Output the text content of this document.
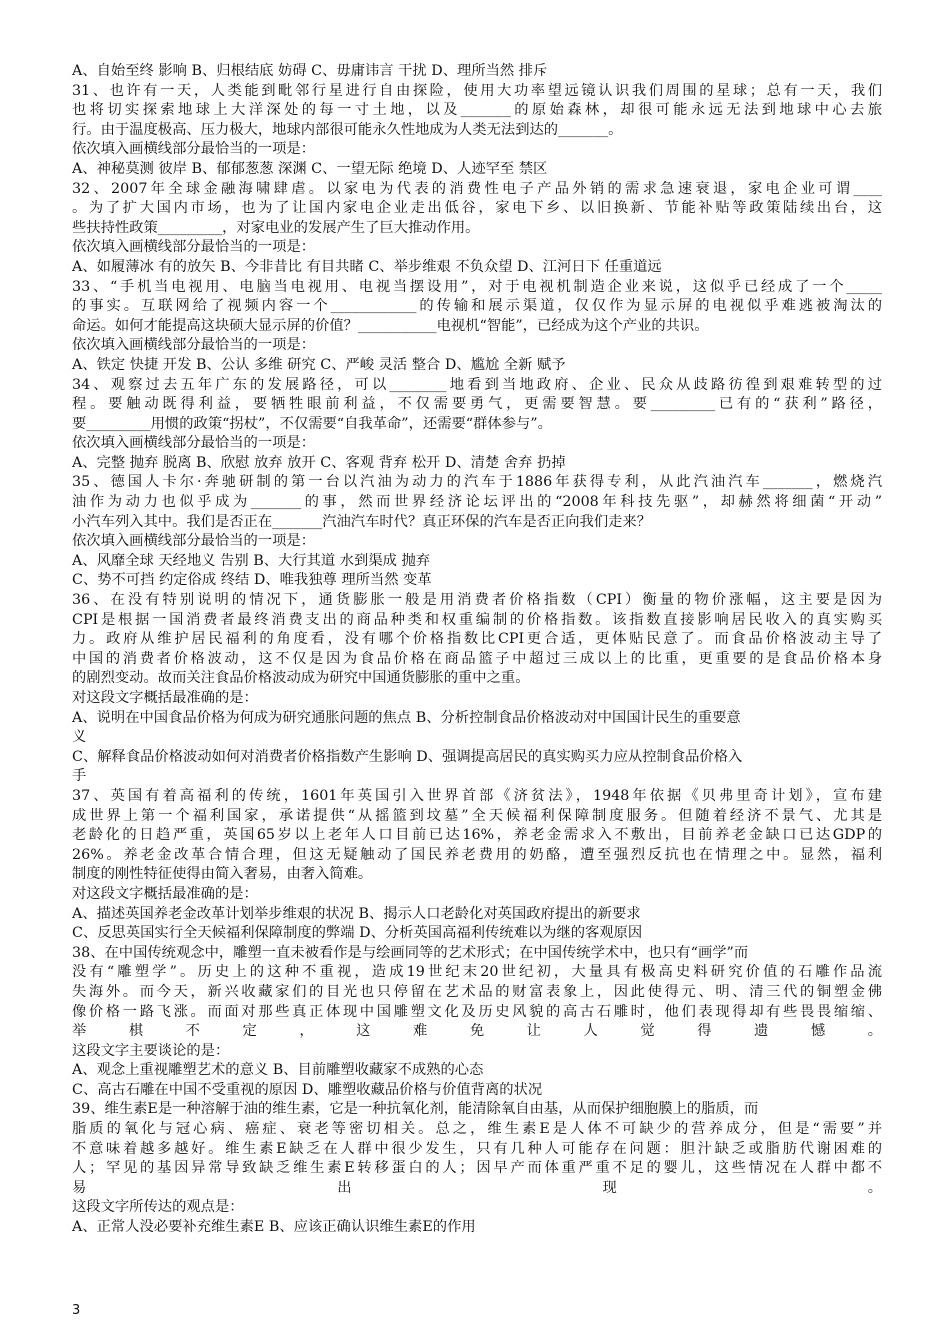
A、自始至终 影响 B、归根结底 妨碍 C、毋庸讳言 干扰 D、理所当然 排斥
31、也许有一天，人类能到毗邻行星进行自由探险，使用大功率望远镜认识我们周围的星球；总有一天，我们
也将切实探索地球上大洋深处的每一寸土地，以及_______的原始森林，却很可能永远无法到地球中心去旅
行。由于温度极高、压力极大，地球内部很可能永久性地成为人类无法到达的_______。
依次填入画横线部分最恰当的一项是：
A、神秘莫测 彼岸 B、郁郁葱葱 深渊 C、一望无际 绝境 D、人迹罕至 禁区
32、2007年全球金融海啸肆虐。以家电为代表的消费性电子产品外销的需求急速衰退，家电企业可谓____
。为了扩大国内市场，也为了让国内家电企业走出低谷，家电下乡、以旧换新、节能补贴等政策陆续出台，这
些扶持性政策_________，对家电业的发展产生了巨大推动作用。
依次填入画横线部分最恰当的一项是：
A、如履薄冰 有的放矢 B、今非昔比 有目共睹 C、举步维艰 不负众望 D、江河日下 任重道远
33、“手机当电视用、电脑当电视用、电视当摆设用”，对于电视机制造企业来说，这似乎已经成了一个_____
的事实。互联网给了视频内容一个____________的传输和展示渠道，仅仅作为显示屏的电视似乎难逃被淘汰的
命运。如何才能提高这块硕大显示屏的价值？___________电视机“智能”，已经成为这个产业的共识。
依次填入画横线部分最恰当的一项是：
A、铁定 快捷 开发 B、公认 多维 研究 C、严峻 灵活 整合 D、尴尬 全新 赋予
34、观察过去五年广东的发展路径，可以________地看到当地政府、企业、民众从歧路彷徨到艰难转型的过
程。要触动既得利益，要牺牲眼前利益，不仅需要勇气，更需要智慧。要_________已有的“获利”路径，
要_________用惯的政策“拐杖”，不仅需要“自我革命”，还需要“群体参与”。
依次填入画横线部分最恰当的一项是：
A、完整 抛弃 脱离 B、欣慰 放弃 放开 C、客观 背弃 松开 D、清楚 舍弃 扔掉
35、德国人卡尔·奔驰研制的第一台以汽油为动力的汽车于1886年获得专利，从此汽油汽车_______，燃烧汽
油作为动力也似乎成为_______的事，然而世界经济论坛评出的“2008年科技先驱”，却赫然将细菌“开动”
小汽车列入其中。我们是否正在_______汽油汽车时代？真正环保的汽车是否正向我们走来？
依次填入画横线部分最恰当的一项是：
A、风靡全球 天经地义 告别 B、大行其道 水到渠成 抛弃
C、势不可挡 约定俗成 终结 D、唯我独尊 理所当然 变革
36、在没有特别说明的情况下，通货膨胀一般是用消费者价格指数（CPI）衡量的物价涨幅，这主要是因为
CPI是根据一国消费者最终消费支出的商品种类和权重编制的价格指数。该指数直接影响居民收入的真实购买
力。政府从维护居民福利的角度看，没有哪个价格指数比CPI更合适，更体贴民意了。而食品价格波动主导了
中国的消费者价格波动，这不仅是因为食品价格在商品篮子中超过三成以上的比重，更重要的是食品价格本身
的剧烈变动。故而关注食品价格波动成为研究中国通货膨胀的重中之重。
对这段文字概括最准确的是：
A、说明在中国食品价格为何成为研究通胀问题的焦点 B、分析控制食品价格波动对中国国计民生的重要意
义
C、解释食品价格波动如何对消费者价格指数产生影响 D、强调提高居民的真实购买力应从控制食品价格入
手
37、英国有着高福利的传统，1601年英国引入世界首部《济贫法》，1948年依据《贝弗里奇计划》，宣布建
成世界上第一个福利国家，承诺提供“从摇篮到坟墓”全天候福利保障制度服务。但随着经济不景气、尤其是
老龄化的日趋严重，英国65岁以上老年人口目前已达16%，养老金需求入不敷出，目前养老金缺口已达GDP的
26%。养老金改革合情合理，但这无疑触动了国民养老费用的奶酪，遭至强烈反抗也在情理之中。显然，福利
制度的刚性特征使得由简入奢易，由奢入简难。
对这段文字概括最准确的是：
A、描述英国养老金改革计划举步维艰的状况 B、揭示人口老龄化对英国政府提出的新要求
C、反思英国实行全天候福利保障制度的弊端 D、分析英国高福利传统难以为继的客观原因
38、在中国传统观念中，雕塑一直未被看作是与绘画同等的艺术形式；在中国传统学术中，也只有“画学”而
没有“雕塑学”。历史上的这种不重视，造成19世纪末20世纪初，大量具有极高史料研究价值的石雕作品流
失海外。而今天，新兴收藏家们的目光也只停留在艺术品的财富表象上，因此使得元、明、清三代的铜塑金佛
像价格一路飞涨。而面对那些真正体现中国雕塑文化及历史风貌的高古石雕时，他们表现得却有些畏畏缩缩、
举棋不定，这难免让人觉得遗憾。
这段文字主要谈论的是：
A、观念上重视雕塑艺术的意义 B、目前雕塑收藏家不成熟的心态
C、高古石雕在中国不受重视的原因 D、雕塑收藏品价格与价值背离的状况
39、维生素E是一种溶解于油的维生素，它是一种抗氧化剂，能清除氧自由基，从而保护细胞膜上的脂质，而
脂质的氧化与冠心病、癌症、衰老等密切相关。总之，维生素E是人体不可缺少的营养成分，但是“需要”并
不意味着越多越好。维生素E缺乏在人群中很少发生，只有几种人可能存在问题：胆汁缺乏或脂肪代谢困难的
人；罕见的基因异常导致缺乏维生素E转移蛋白的人；因早产而体重严重不足的婴儿，这些情况在人群中都不
易出现。
这段文字所传达的观点是：
A、正常人没必要补充维生素E B、应该正确认识维生素E的作用
3
